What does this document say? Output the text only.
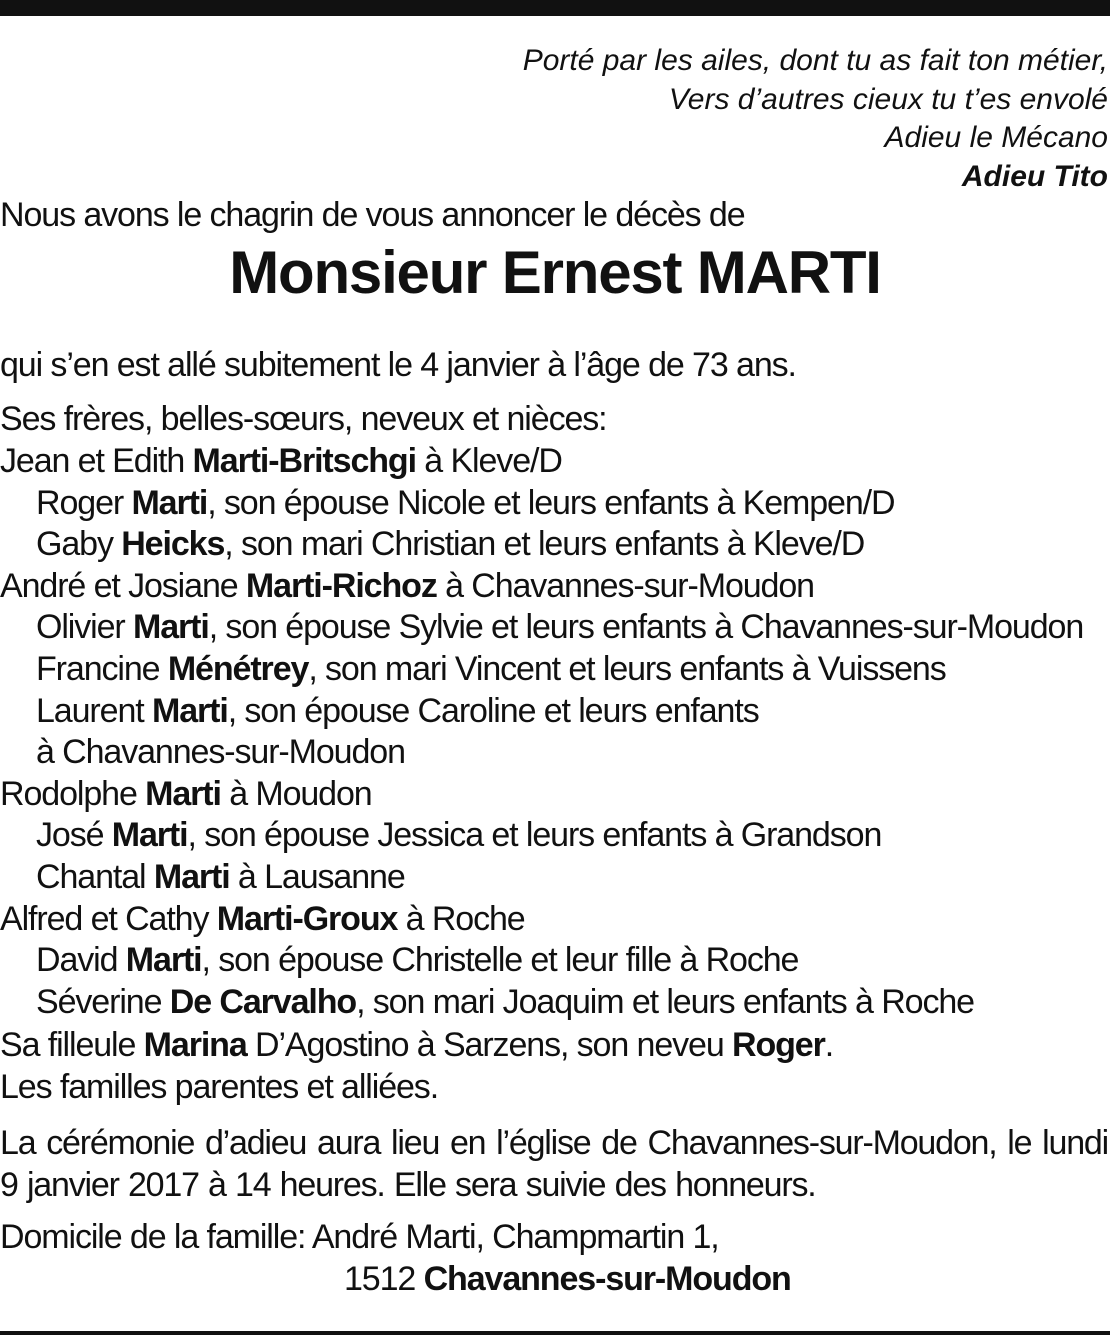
Porté par les ailes, dont tu as fait ton métier,
Vers d’autres cieux tu t’es envolé
Adieu le Mécano
Adieu Tito
Nous avons le chagrin de vous annoncer le décès de
Monsieur Ernest MARTI
qui s’en est allé subitement le 4 janvier à l’âge de 73 ans.
Ses frères, belles-sœurs, neveux et nièces:
Jean et Edith Marti-Britschgi à Kleve/D
Roger Marti, son épouse Nicole et leurs enfants à Kempen/D
Gaby Heicks, son mari Christian et leurs enfants à Kleve/D
André et Josiane Marti-Richoz à Chavannes-sur-Moudon
Olivier Marti, son épouse Sylvie et leurs enfants à Chavannes-sur-Moudon
Francine Ménétrey, son mari Vincent et leurs enfants à Vuissens
Laurent Marti, son épouse Caroline et leurs enfants
à Chavannes-sur-Moudon
Rodolphe Marti à Moudon
José Marti, son épouse Jessica et leurs enfants à Grandson
Chantal Marti à Lausanne
Alfred et Cathy Marti-Groux à Roche
David Marti, son épouse Christelle et leur fille à Roche
Séverine De Carvalho, son mari Joaquim et leurs enfants à Roche
Sa filleule Marina D’Agostino à Sarzens, son neveu Roger.
Les familles parentes et alliées.
La cérémonie d’adieu aura lieu en l’église de Chavannes-sur-Moudon, le lundi 9 janvier 2017 à 14 heures. Elle sera suivie des honneurs.
Domicile de la famille: André Marti, Champmartin 1,
1512 Chavannes-sur-Moudon
